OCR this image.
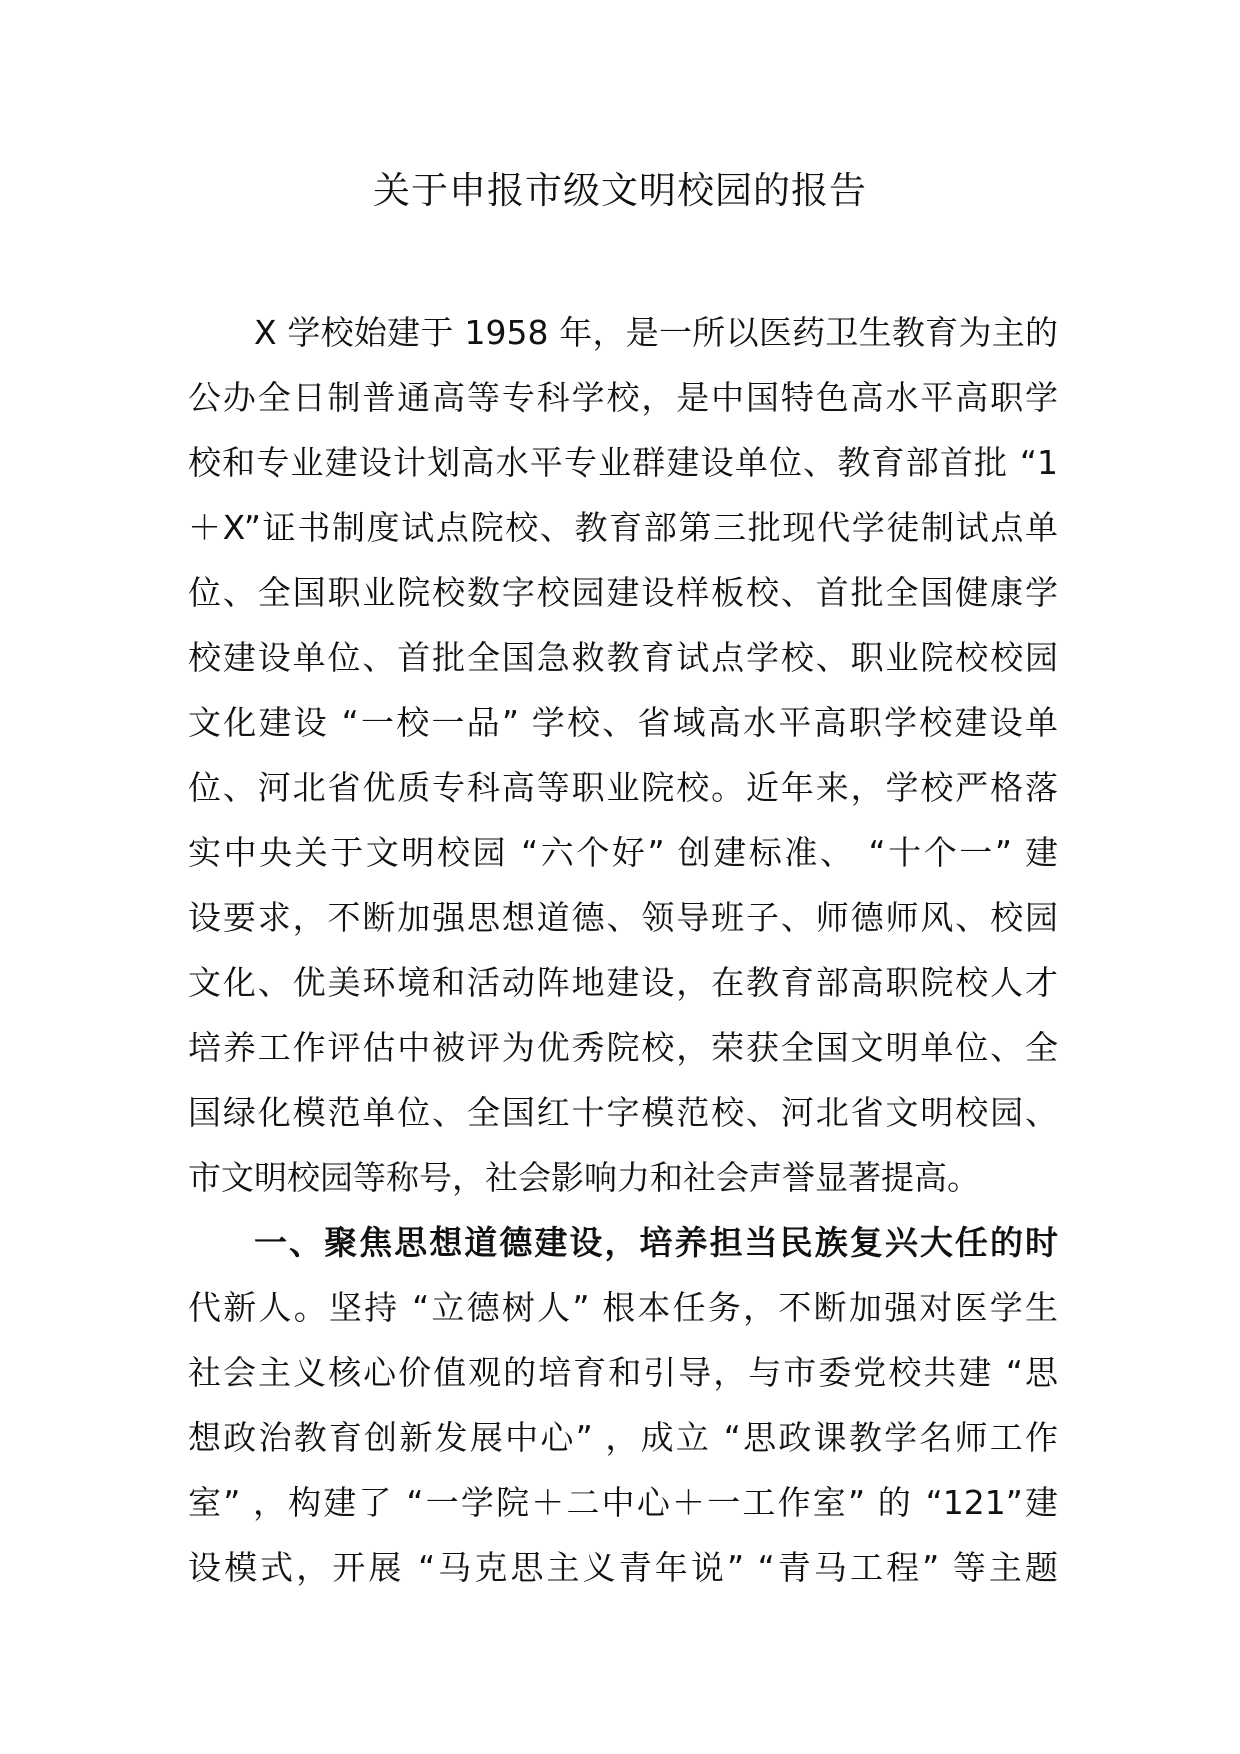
关于申报市级文明校园的报告
X 学校始建于 1958 年，是一所以医药卫生教育为主的
公办全日制普通高等专科学校，是中国特色高水平高职学
校和专业建设计划高水平专业群建设单位、教育部首批 “1
＋X”证书制度试点院校、教育部第三批现代学徒制试点单
位、全国职业院校数字校园建设样板校、首批全国健康学
校建设单位、首批全国急救教育试点学校、职业院校校园
文化建设 “一校一品” 学校、省域高水平高职学校建设单
位、河北省优质专科高等职业院校。近年来，学校严格落
实中央关于文明校园 “六个好” 创建标准、 “十个一” 建
设要求，不断加强思想道德、领导班子、师德师风、校园
文化、优美环境和活动阵地建设，在教育部高职院校人才
培养工作评估中被评为优秀院校，荣获全国文明单位、全
国绿化模范单位、全国红十字模范校、河北省文明校园、
市文明校园等称号，社会影响力和社会声誉显著提高。
一、聚焦思想道德建设，培养担当民族复兴大任的时
代新人。坚持 “立德树人” 根本任务，不断加强对医学生
社会主义核心价值观的培育和引导，与市委党校共建 “思
想政治教育创新发展中心” ，成立 “思政课教学名师工作
室” ，构建了 “一学院＋二中心＋一工作室” 的 “121”建
设模式，开展 “马克思主义青年说” “青马工程” 等主题
